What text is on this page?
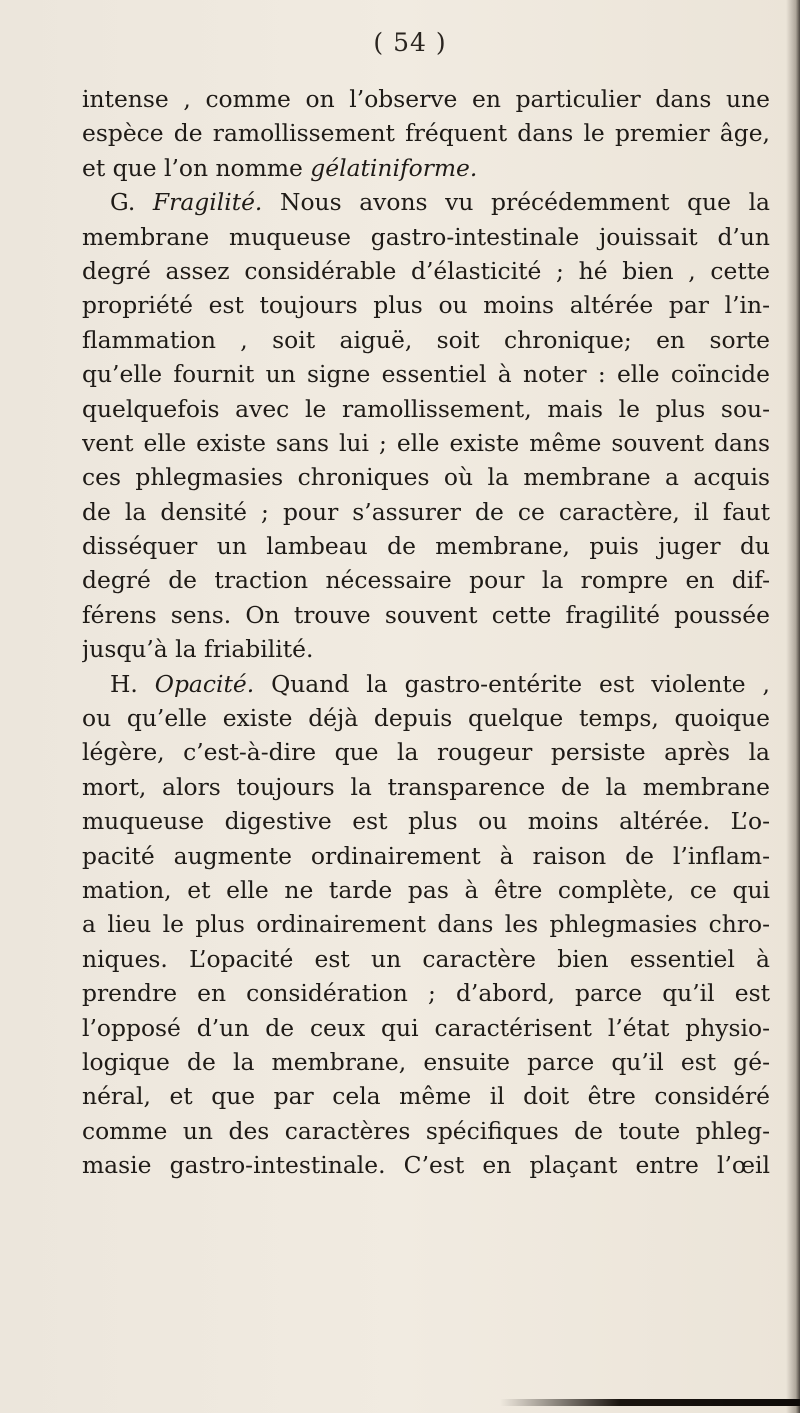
( 54 )
intense , comme on l’observe en particulier dans une
espèce de ramollissement fréquent dans le premier âge,
et que l’on nomme gélatiniforme.
G. Fragilité. Nous avons vu précédemment que la
membrane muqueuse gastro-intestinale jouissait d’un
degré assez considérable d’élasticité ; hé bien , cette
propriété est toujours plus ou moins altérée par l’in-
flammation , soit aiguë, soit chronique; en sorte
qu’elle fournit un signe essentiel à noter : elle coïncide
quelquefois avec le ramollissement, mais le plus sou-
vent elle existe sans lui ; elle existe même souvent dans
ces phlegmasies chroniques où la membrane a acquis
de la densité ; pour s’assurer de ce caractère, il faut
disséquer un lambeau de membrane, puis juger du
degré de traction nécessaire pour la rompre en dif-
férens sens. On trouve souvent cette fragilité poussée
jusqu’à la friabilité.
H. Opacité. Quand la gastro-entérite est violente ,
ou qu’elle existe déjà depuis quelque temps, quoique
légère, c’est-à-dire que la rougeur persiste après la
mort, alors toujours la transparence de la membrane
muqueuse digestive est plus ou moins altérée. L’o-
pacité augmente ordinairement à raison de l’inflam-
mation, et elle ne tarde pas à être complète, ce qui
a lieu le plus ordinairement dans les phlegmasies chro-
niques. L’opacité est un caractère bien essentiel à
prendre en considération ; d’abord, parce qu’il est
l’opposé d’un de ceux qui caractérisent l’état physio-
logique de la membrane, ensuite parce qu’il est gé-
néral, et que par cela même il doit être considéré
comme un des caractères spécifiques de toute phleg-
masie gastro-intestinale. C’est en plaçant entre l’œil
